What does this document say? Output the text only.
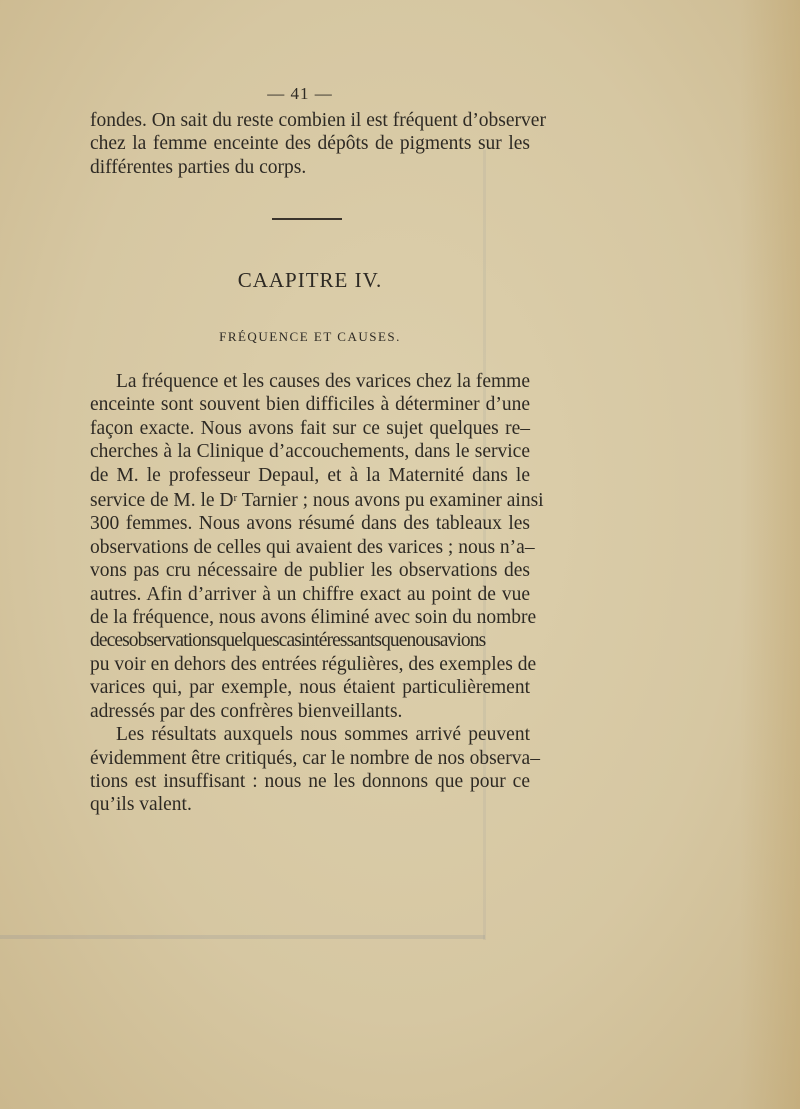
— 41 —
fondes. On sait du reste combien il est fréquent d’observer
chez la femme enceinte des dépôts de pigments sur les
différentes parties du corps.
CAAPITRE IV.
FRÉQUENCE ET CAUSES.
La fréquence et les causes des varices chez la femme
enceinte sont souvent bien difficiles à déterminer d’une
façon exacte. Nous avons fait sur ce sujet quelques re–
cherches à la Clinique d’accouchements, dans le service
de M. le professeur Depaul, et à la Maternité dans le
service de M. le $D^r$ Tarnier ; nous avons pu examiner ainsi
300 femmes. Nous avons résumé dans des tableaux les
observations de celles qui avaient des varices ; nous n’a–
vons pas cru nécessaire de publier les observations des
autres. Afin d’arriver à un chiffre exact au point de vue
de la fréquence, nous avons éliminé avec soin du nombre
decesobservationsquelquescasintéressantsquenousavions
pu voir en dehors des entrées régulières, des exemples de
varices qui, par exemple, nous étaient particulièrement
adressés par des confrères bienveillants.
Les résultats auxquels nous sommes arrivé peuvent
évidemment être critiqués, car le nombre de nos observa–
tions est insuffisant : nous ne les donnons que pour ce
qu’ils valent.
